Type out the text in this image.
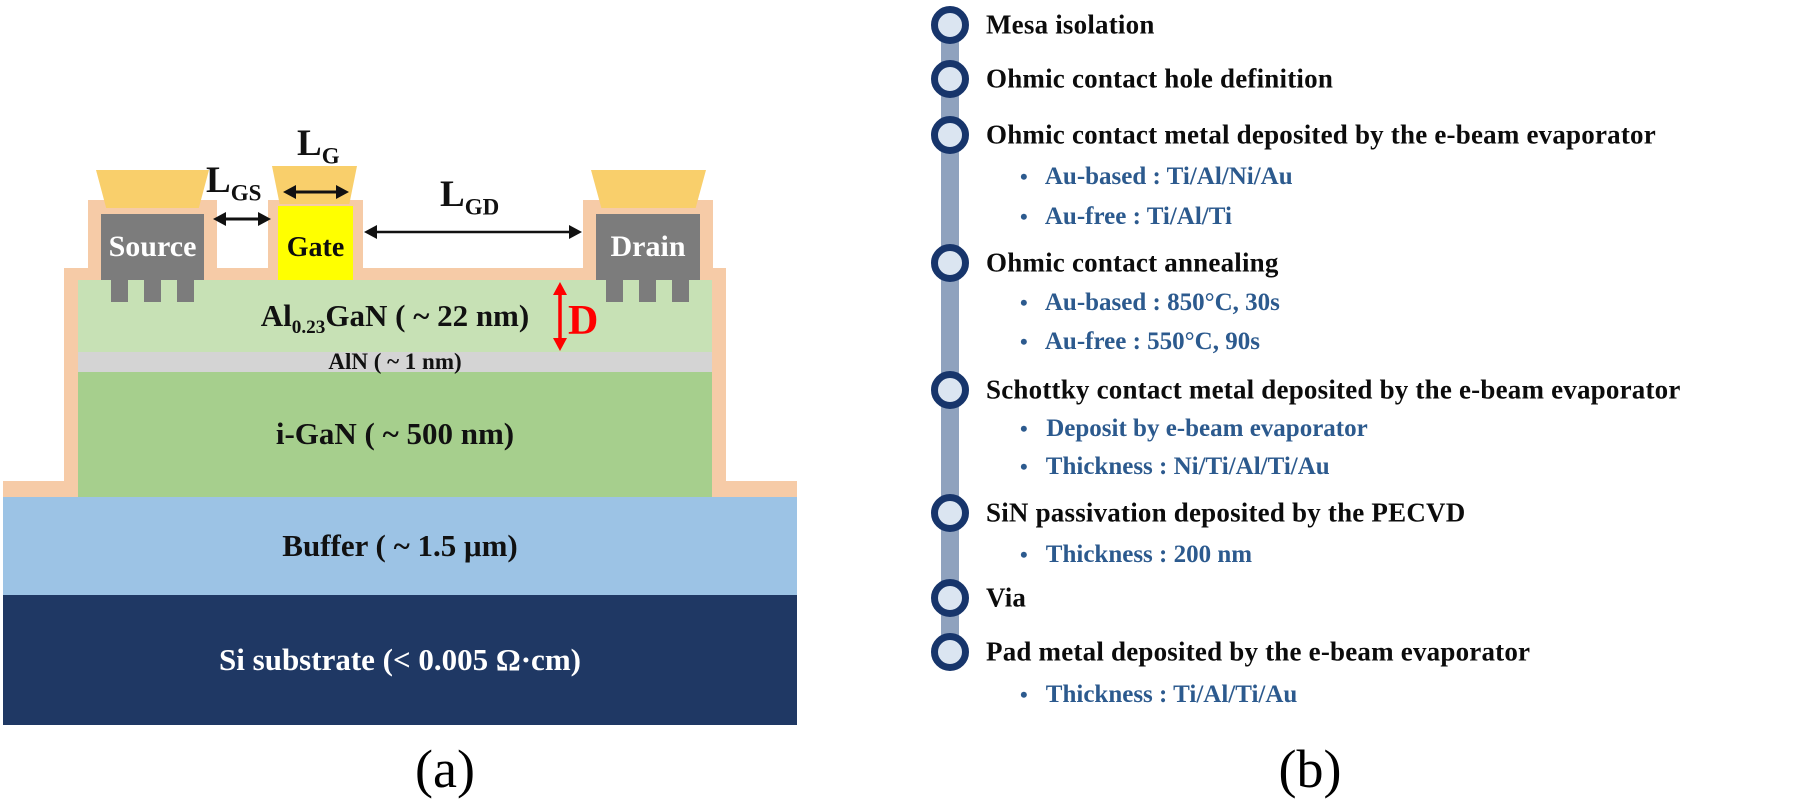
Source	Gate	Drain
$Al_{0.23}GaN$ ( ~ 22 nm)
AlN ( ~ 1 nm)
i-GaN ( ~ 500 nm)
Buffer ( ~ 1.5 μm)
Si substrate (< 0.005 Ω·cm)
$L_G$
$L_{GS}$	$L_{GD}$
D
(a)
Mesa isolation
Ohmic contact hole definition
Ohmic contact metal deposited by the e-beam evaporator
• Au-based : Ti/Al/Ni/Au
• Au-free : Ti/Al/Ti
Ohmic contact annealing
• Au-based : 850°C, 30s
• Au-free : 550°C, 90s
Schottky contact metal deposited by the e-beam evaporator
• Deposit by e-beam evaporator
• Thickness : Ni/Ti/Al/Ti/Au
SiN passivation deposited by the PECVD
• Thickness : 200 nm
Via
Pad metal deposited by the e-beam evaporator
• Thickness : Ti/Al/Ti/Au
(b)
